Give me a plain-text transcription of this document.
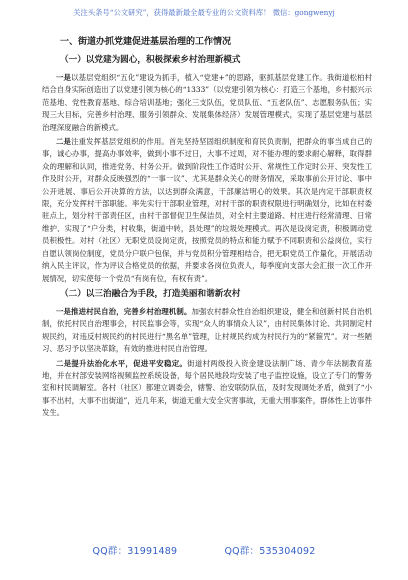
关注头条号“公文研究”，获得最新最全最专业的公文资料库！ 微信：gongwenyj
一、街道办抓党建促进基层治理的工作情况
（一）以党建为圆心，积极探索乡村治理新模式

一是以基层党组织“五化”建设为抓手，植入“党建+”的思路，驱抓基层党建工作。我街道松柏村结合自身实际创造出了以党建引领为核心的“1333”（以党建引领为核心：打造三个基地，乡村振兴示范基地、党性教育基地、综合培训基地；强化三支队伍，党员队伍、“五老队伍”、志愿服务队伍；实现三大目标，完善乡村治理、服务引领群众、发展集体经济）发展管理模式，实现了基层党建与基层治理深度融合的新模式。

二是注重发挥基层党组织的作用。首先坚持坚固组织制度和育民负责制，把群众的事当成自己的事，诚心办事，提高办事效率，做到小事不过日，大事不过周，对不能办理的要求耐心解释，取得群众的理解和认同，推进党务、村务公开。做到阶段性工作适时公开、常规性工作定时公开、突发性工作及时公开，对群众反映强烈的“一事一议”、尤其是群众关心的财务情况，采取事前公开讨论、事中公开进展、事后公开决算的方法，以达到群众满意，干部廉洁明心的效果。其次是内定干部职责权限，充分发挥村干部职能。率先实行干部职业管理，对村干部的职责权限进行明确划分，比如在村委驻点上，划分村干部责任区，由村干部督促卫生保洁员，对全村主要道路、村庄进行经常清理、日常维护、实现了“户分类，村收集，街道中转，县处理”的垃圾处理模式。再次是设岗定责，积极调动党员积极性。对村（社区）无职党员设岗定责，按照党员的特点和能力赋予不同职责和公益岗位，实行自愿认领岗位制度，党员分户联户包保，并与党员积分管理相结合，把无职党员工作量化，开展活动纳入民主评议，作为评议合格党员的依据，并要求各岗位负责人，每季度向支部大会汇报一次工作开展情况，切实使每一个党员“有岗有位，有权有责”。

（二）以三治融合为手段，打造美丽和谐新农村

一是推进村民自治，完善乡村治理机制。加强农村群众性自治组织建设，健全和创新村民自治机制，依托村民自治理事会，村民监事会等，实现“众人的事情众人议”，由村民集体讨论、共同制定村规民约，对违反村规民约的村民进行“黑名单”管理，让村规民约成为村民行为的“紧箍咒”。对一些陋习、恶习予以坚决革除，有效的推进村民自治管理。

二是提升法治化水平，促进平安稳定。街道村两级投入资金建设法制广场、青少年法制教育基地，并在村部安装网络视频监控系统设备，每个居民地段均安装了电子监控设施，设立了专门的警务室和村民调解室。各村（社区）都建立调委会，辖警、治安联防队伍，及时发现调处矛盾，做到了“小事不出村，大事不出街道”，近几年来，街道无重大安全灾害事故，无重大刑事案件，群体性上访事件发生。

QQ群：31991489	QQ群：535304092
